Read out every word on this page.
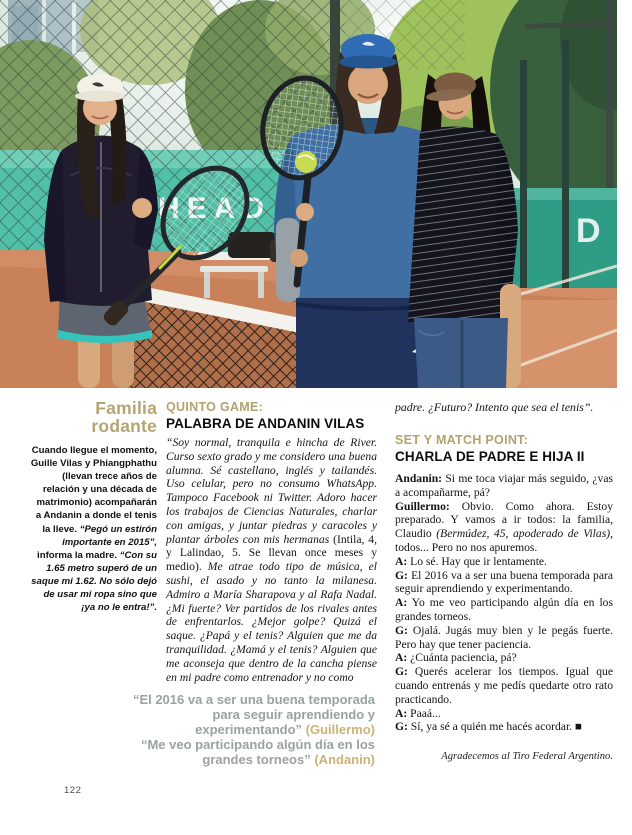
D
Familia rodante
Cuando llegue el momento, Guille Vilas y Phiangphathu (llevan trece años de relación y una década de matrimonio) acompañarán a Andanin a donde el tenis la lleve. “Pegó un estirón importante en 2015”, informa la madre. “Con su 1.65 metro superó de un saque mi 1.62. No sólo dejó de usar mi ropa sino que ¡ya no le entra!”.
QUINTO GAME:
PALABRA DE ANDANIN VILAS
“Soy normal, tranquila e hincha de River. Curso sexto grado y me considero una buena alumna. Sé castellano, inglés y tailandés. Uso celular, pero no consumo WhatsApp. Tampoco Facebook ni Twitter. Adoro hacer los trabajos de Ciencias Naturales, charlar con amigas, y juntar piedras y caracoles y plantar árboles con mis hermanas (Intila, 4, y Lalindao, 5. Se llevan once meses y medio). Me atrae todo tipo de música, el sushi, el asado y no tanto la milanesa. Admiro a María Sharapova y al Rafa Nadal. ¿Mi fuerte? Ver partidos de los rivales antes de enfrentarlos. ¿Mejor golpe? Quizá el saque. ¿Papá y el tenis? Alguien que me da tranquilidad. ¿Mamá y el tenis? Alguien que me aconseja que dentro de la cancha piense en mi padre como entrenador y no como
padre. ¿Futuro? Intento que sea el tenis”.
SET Y MATCH POINT:
CHARLA DE PADRE E HIJA II

Andanin: Si me toca viajar más seguido, ¿vas a acompañarme, pá?

Guillermo: Obvio. Como ahora. Estoy preparado. Y vamos a ir todos: la familia, Claudio (Bermúdez, 45, apoderado de Vilas), todos... Pero no nos apuremos.

A: Lo sé. Hay que ir lentamente.

G: El 2016 va a ser una buena temporada para seguir aprendiendo y experimentando.

A: Yo me veo participando algún día en los grandes torneos.

G: Ojalá. Jugás muy bien y le pegás fuerte. Pero hay que tener paciencia.

A: ¿Cuánta paciencia, pá?

G: Querés acelerar los tiempos. Igual que cuando entrenás y me pedís quedarte otro rato practicando.

A: Paaá...

G: Sí, ya sé a quién me hacés acordar. ■

“El 2016 va a ser una buena temporada para seguir aprendiendo y experimentando” (Guillermo)
“Me veo participando algún día en los grandes torneos” (Andanin)	Agradecemos al Tiro Federal Argentino.
122
